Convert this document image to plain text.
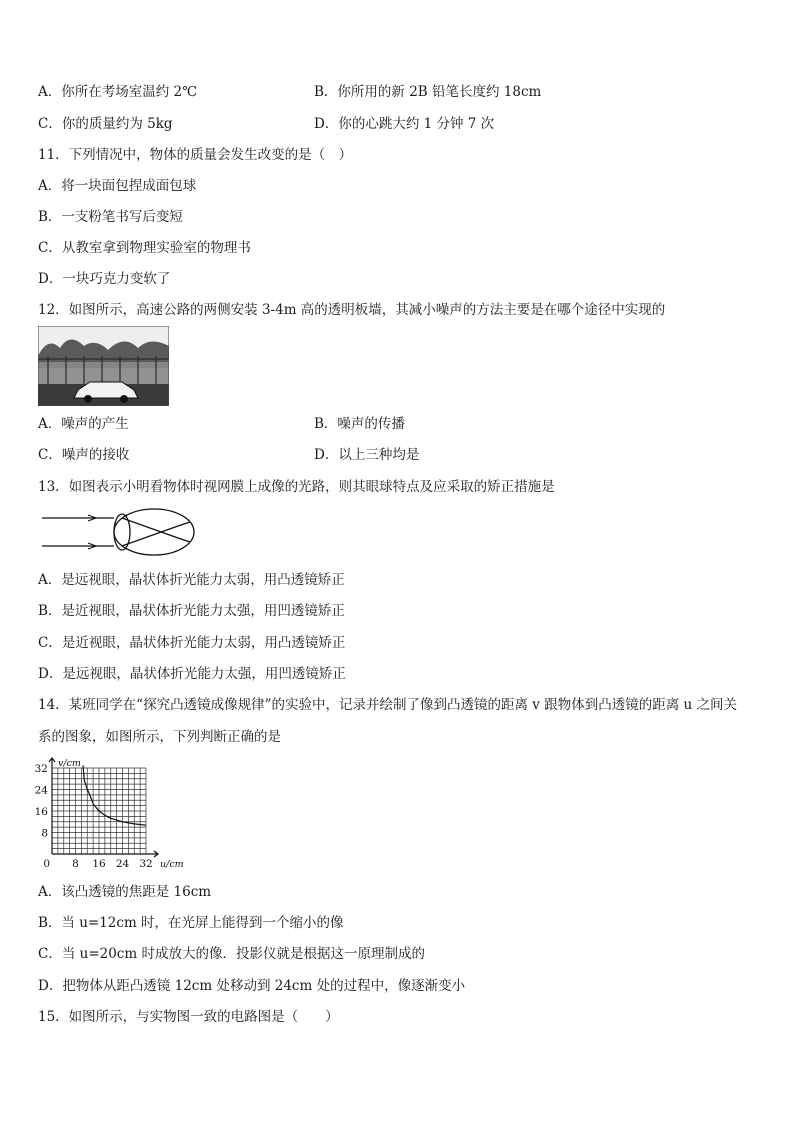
A．你所在考场室温约 2℃	B．你所用的新 2B 铅笔长度约 18cm
C．你的质量约为 5kg	D．你的心跳大约 1 分钟 7 次
11．下列情况中，物体的质量会发生改变的是（　）
A．将一块面包捏成面包球
B．一支粉笔书写后变短
C．从教室拿到物理实验室的物理书
D．一块巧克力变软了
12．如图所示，高速公路的两侧安装 3-4m 高的透明板墙，其减小噪声的方法主要是在哪个途径中实现的
A．噪声的产生	B．噪声的传播
C．噪声的接收	D．以上三种均是
13．如图表示小明看物体时视网膜上成像的光路，则其眼球特点及应采取的矫正措施是
A．是远视眼，晶状体折光能力太弱，用凸透镜矫正
B．是近视眼，晶状体折光能力太强，用凹透镜矫正
C．是近视眼，晶状体折光能力太弱，用凸透镜矫正
D．是远视眼，晶状体折光能力太强，用凹透镜矫正
14．某班同学在“探究凸透镜成像规律”的实验中，记录并绘制了像到凸透镜的距离 v 跟物体到凸透镜的距离 u 之间关
系的图象，如图所示，下列判断正确的是
8 16 24 32
8
16
24
32
0	u/cm
v/cm
A．该凸透镜的焦距是 16cm
B．当 u=12cm 时，在光屏上能得到一个缩小的像
C．当 u=20cm 时成放大的像．投影仪就是根据这一原理制成的
D．把物体从距凸透镜 12cm 处移动到 24cm 处的过程中，像逐渐变小
15．如图所示，与实物图一致的电路图是（　　）
